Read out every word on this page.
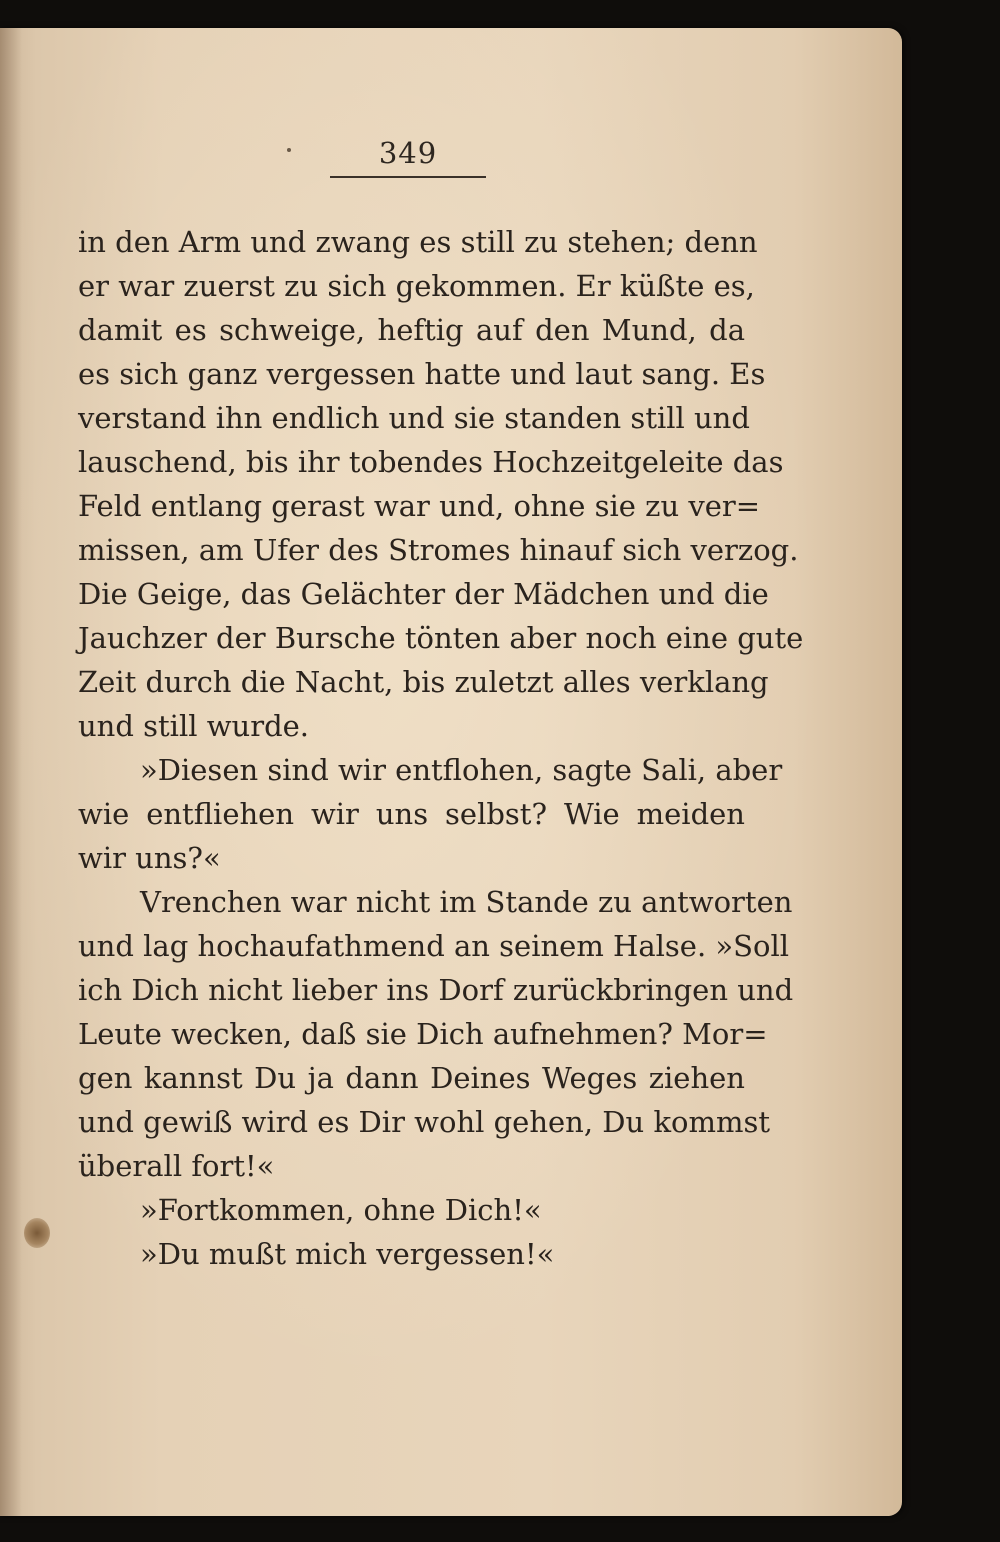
349
in den Arm und zwang es still zu stehen; denn
er war zuerst zu sich gekommen. Er küßte es,
damit es schweige, heftig auf den Mund, da
es sich ganz vergessen hatte und laut sang. Es
verstand ihn endlich und sie standen still und
lauschend, bis ihr tobendes Hochzeitgeleite das
Feld entlang gerast war und, ohne sie zu ver=
missen, am Ufer des Stromes hinauf sich verzog.
Die Geige, das Gelächter der Mädchen und die
Jauchzer der Bursche tönten aber noch eine gute
Zeit durch die Nacht, bis zuletzt alles verklang
und still wurde.
»Diesen sind wir entflohen, sagte Sali, aber
wie entfliehen wir uns selbst? Wie meiden
wir uns?«
Vrenchen war nicht im Stande zu antworten
und lag hochaufathmend an seinem Halse. »Soll
ich Dich nicht lieber ins Dorf zurückbringen und
Leute wecken, daß sie Dich aufnehmen? Mor=
gen kannst Du ja dann Deines Weges ziehen
und gewiß wird es Dir wohl gehen, Du kommst
überall fort!«
»Fortkommen, ohne Dich!«
»Du mußt mich vergessen!«
